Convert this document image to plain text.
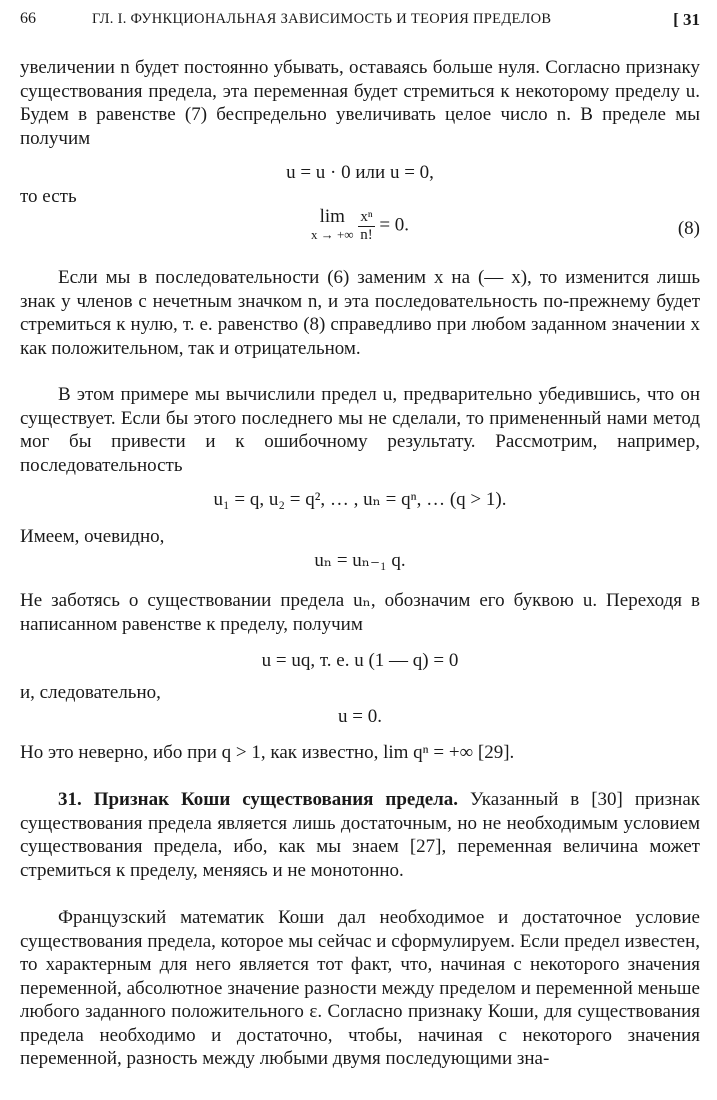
66	ГЛ. I. ФУНКЦИОНАЛЬНАЯ ЗАВИСИМОСТЬ И ТЕОРИЯ ПРЕДЕЛОВ	[ 31

увеличении n будет постоянно убывать, оставаясь больше нуля. Согласно признаку существования предела, эта переменная будет стремиться к некоторому пределу u. Будем в равенстве (7) беспредельно увеличивать целое число n. В пределе мы получим

u = u · 0 или u = 0,
то есть
lim
x → +∞
$\frac{\text{xⁿ}}{n!} = 0$.	(8)

Если мы в последовательности (6) заменим x на (— x), то изменится лишь знак у членов с нечетным значком n, и эта последовательность по-прежнему будет стремиться к нулю, т. е. равенство (8) справедливо при любом заданном значении x как положительном, так и отрицательном.

В этом примере мы вычислили предел u, предварительно убедившись, что он существует. Если бы этого последнего мы не сделали, то примененный нами метод мог бы привести и к ошибочному результату. Рассмотрим, например, последовательность

u₁ = q, u₂ = q², … , uₙ = qⁿ, … (q > 1).
Имеем, очевидно,
uₙ = uₙ₋₁ q.

Не заботясь о существовании предела uₙ, обозначим его буквою u. Переходя в написанном равенстве к пределу, получим

u = uq, т. е. u (1 — q) = 0
и, следовательно,
u = 0.

Но это неверно, ибо при q > 1, как известно, lim qⁿ = +∞ [29].

31. Признак Коши существования предела. Указанный в [30] признак существования предела является лишь достаточным, но не необходимым условием существования предела, ибо, как мы знаем [27], переменная величина может стремиться к пределу, меняясь и не монотонно.

Французский математик Коши дал необходимое и достаточное условие существования предела, которое мы сейчас и сформулируем. Если предел известен, то характерным для него является тот факт, что, начиная с некоторого значения переменной, абсолютное значение разности между пределом и переменной меньше любого заданного положительного ε. Согласно признаку Коши, для существования предела необходимо и достаточно, чтобы, начиная с некоторого значения переменной, разность между любыми двумя последующими зна-
